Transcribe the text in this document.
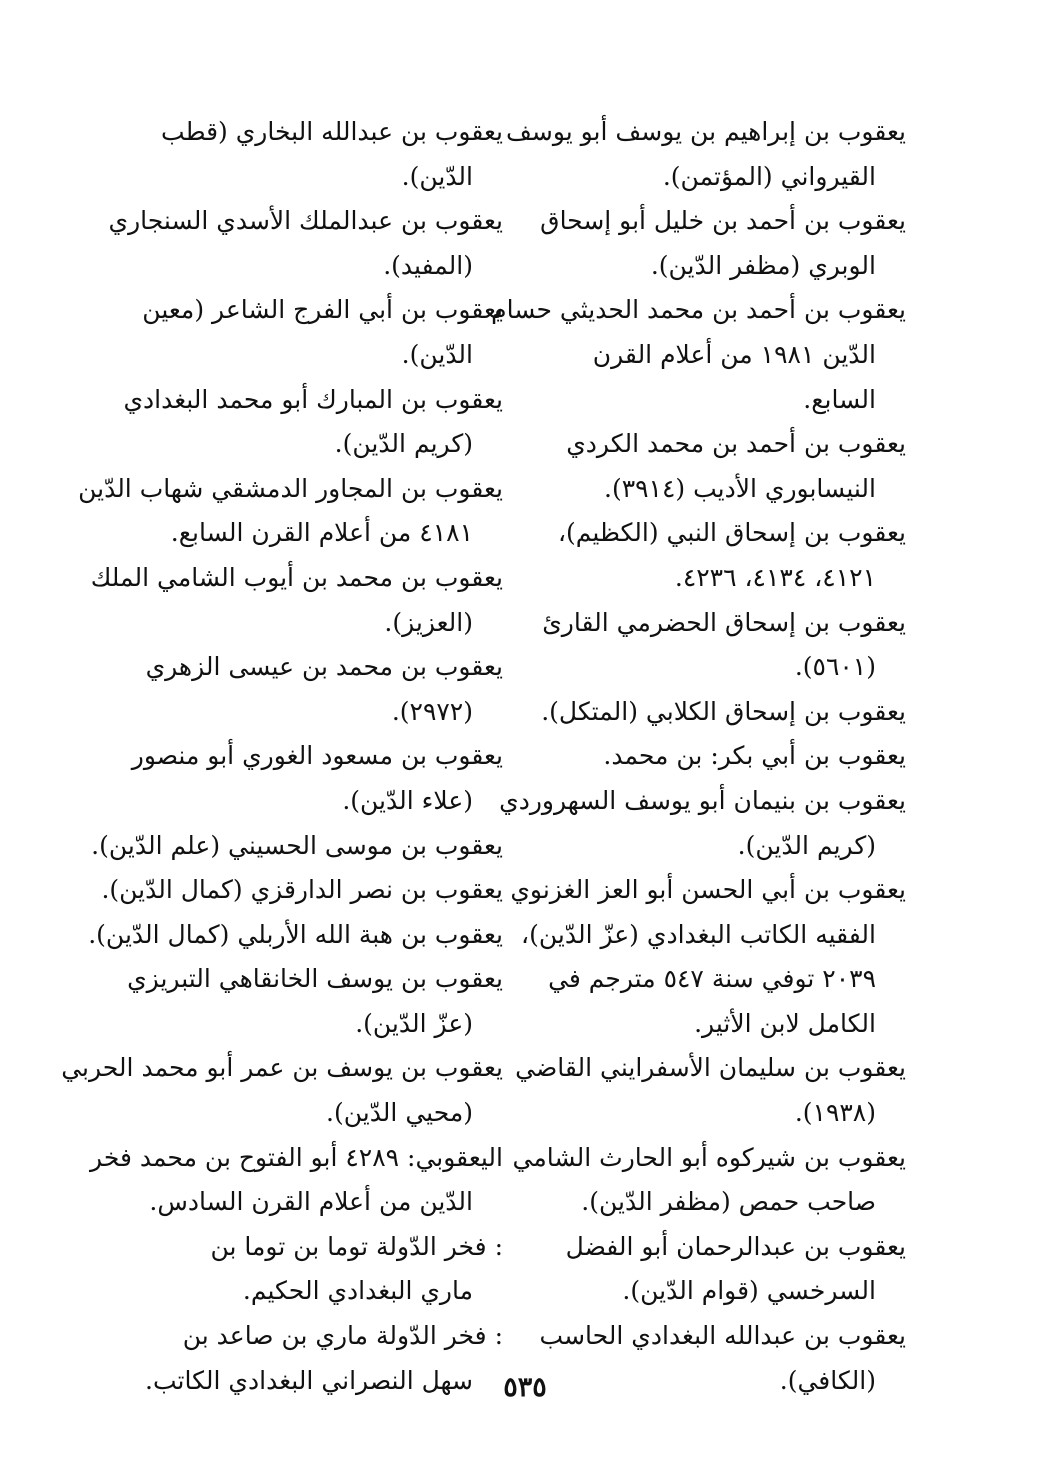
يعقوب بن إبراهيم بن يوسف أبو يوسف
القيرواني (المؤتمن).
يعقوب بن أحمد بن خليل أبو إسحاق
الوبري (مظفر الدّين).
يعقوب بن أحمد بن محمد الحديثي حسام
الدّين ١٩٨١ من أعلام القرن
السابع.
يعقوب بن أحمد بن محمد الكردي
النيسابوري الأديب (٣٩١٤).
يعقوب بن إسحاق النبي (الكظيم)،
٤١٢١، ٤١٣٤، ٤٢٣٦.
يعقوب بن إسحاق الحضرمي القارئ
(٥٦٠١).
يعقوب بن إسحاق الكلابي (المتكل).
يعقوب بن أبي بكر: بن محمد.
يعقوب بن بنيمان أبو يوسف السهروردي
(كريم الدّين).
يعقوب بن أبي الحسن أبو العز الغزنوي
الفقيه الكاتب البغدادي (عزّ الدّين)،
٢٠٣٩ توفي سنة ٥٤٧ مترجم في
الكامل لابن الأثير.
يعقوب بن سليمان الأسفرايني القاضي
(١٩٣٨).
يعقوب بن شيركوه أبو الحارث الشامي
صاحب حمص (مظفر الدّين).
يعقوب بن عبدالرحمان أبو الفضل
السرخسي (قوام الدّين).
يعقوب بن عبدالله البغدادي الحاسب
(الكافي).
يعقوب بن عبدالله البخاري (قطب
الدّين).
يعقوب بن عبدالملك الأسدي السنجاري
(المفيد).
يعقوب بن أبي الفرج الشاعر (معين
الدّين).
يعقوب بن المبارك أبو محمد البغدادي
(كريم الدّين).
يعقوب بن المجاور الدمشقي شهاب الدّين
٤١٨١ من أعلام القرن السابع.
يعقوب بن محمد بن أيوب الشامي الملك
(العزيز).
يعقوب بن محمد بن عيسى الزهري
(٢٩٧٢).
يعقوب بن مسعود الغوري أبو منصور
(علاء الدّين).
يعقوب بن موسى الحسيني (علم الدّين).
يعقوب بن نصر الدارقزي (كمال الدّين).
يعقوب بن هبة الله الأربلي (كمال الدّين).
يعقوب بن يوسف الخانقاهي التبريزي
(عزّ الدّين).
يعقوب بن يوسف بن عمر أبو محمد الحربي
(محيي الدّين).
اليعقوبي: ٤٢٨٩ أبو الفتوح بن محمد فخر
الدّين من أعلام القرن السادس.
: فخر الدّولة توما بن توما بن
ماري البغدادي الحكيم.
: فخر الدّولة ماري بن صاعد بن
سهل النصراني البغدادي الكاتب.	٥٣٥
